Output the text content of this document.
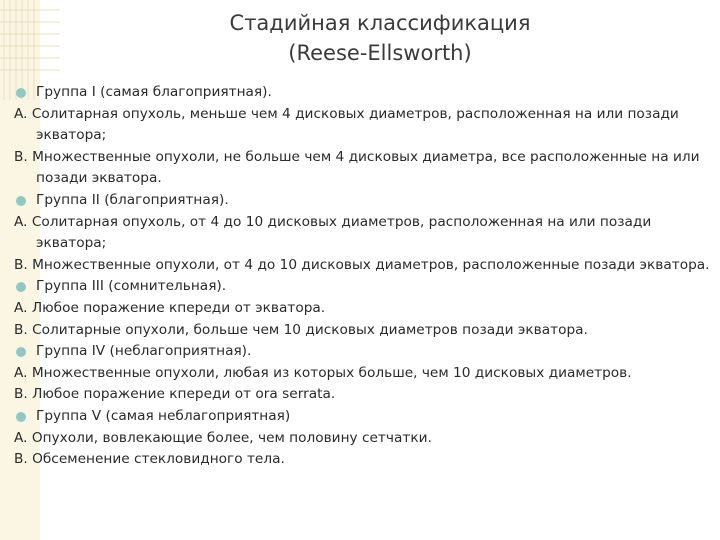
Стадийная классификация
(Reese-Ellsworth)
Группа I (самая благоприятная).
A. Солитарная опухоль, меньше чем 4 дисковых диаметров, расположенная на или позади экватора;
B. Множественные опухоли, не больше чем 4 дисковых диаметра, все расположенные на или позади экватора.
Группа II (благоприятная).
A. Солитарная опухоль, от 4 до 10 дисковых диаметров, расположенная на или позади экватора;
B. Множественные опухоли, от 4 до 10 дисковых диаметров, расположенные позади экватора.
Группа III (сомнительная).
A. Любое поражение кпереди от экватора.
B. Солитарные опухоли, больше чем 10 дисковых диаметров позади экватора.
Группа IV (неблагоприятная).
A. Множественные опухоли, любая из которых больше, чем 10 дисковых диаметров.
B. Любое поражение кпереди от ora serrata.
Группа V (самая неблагоприятная)
A. Опухоли, вовлекающие более, чем половину сетчатки.
B. Обсеменение стекловидного тела.
